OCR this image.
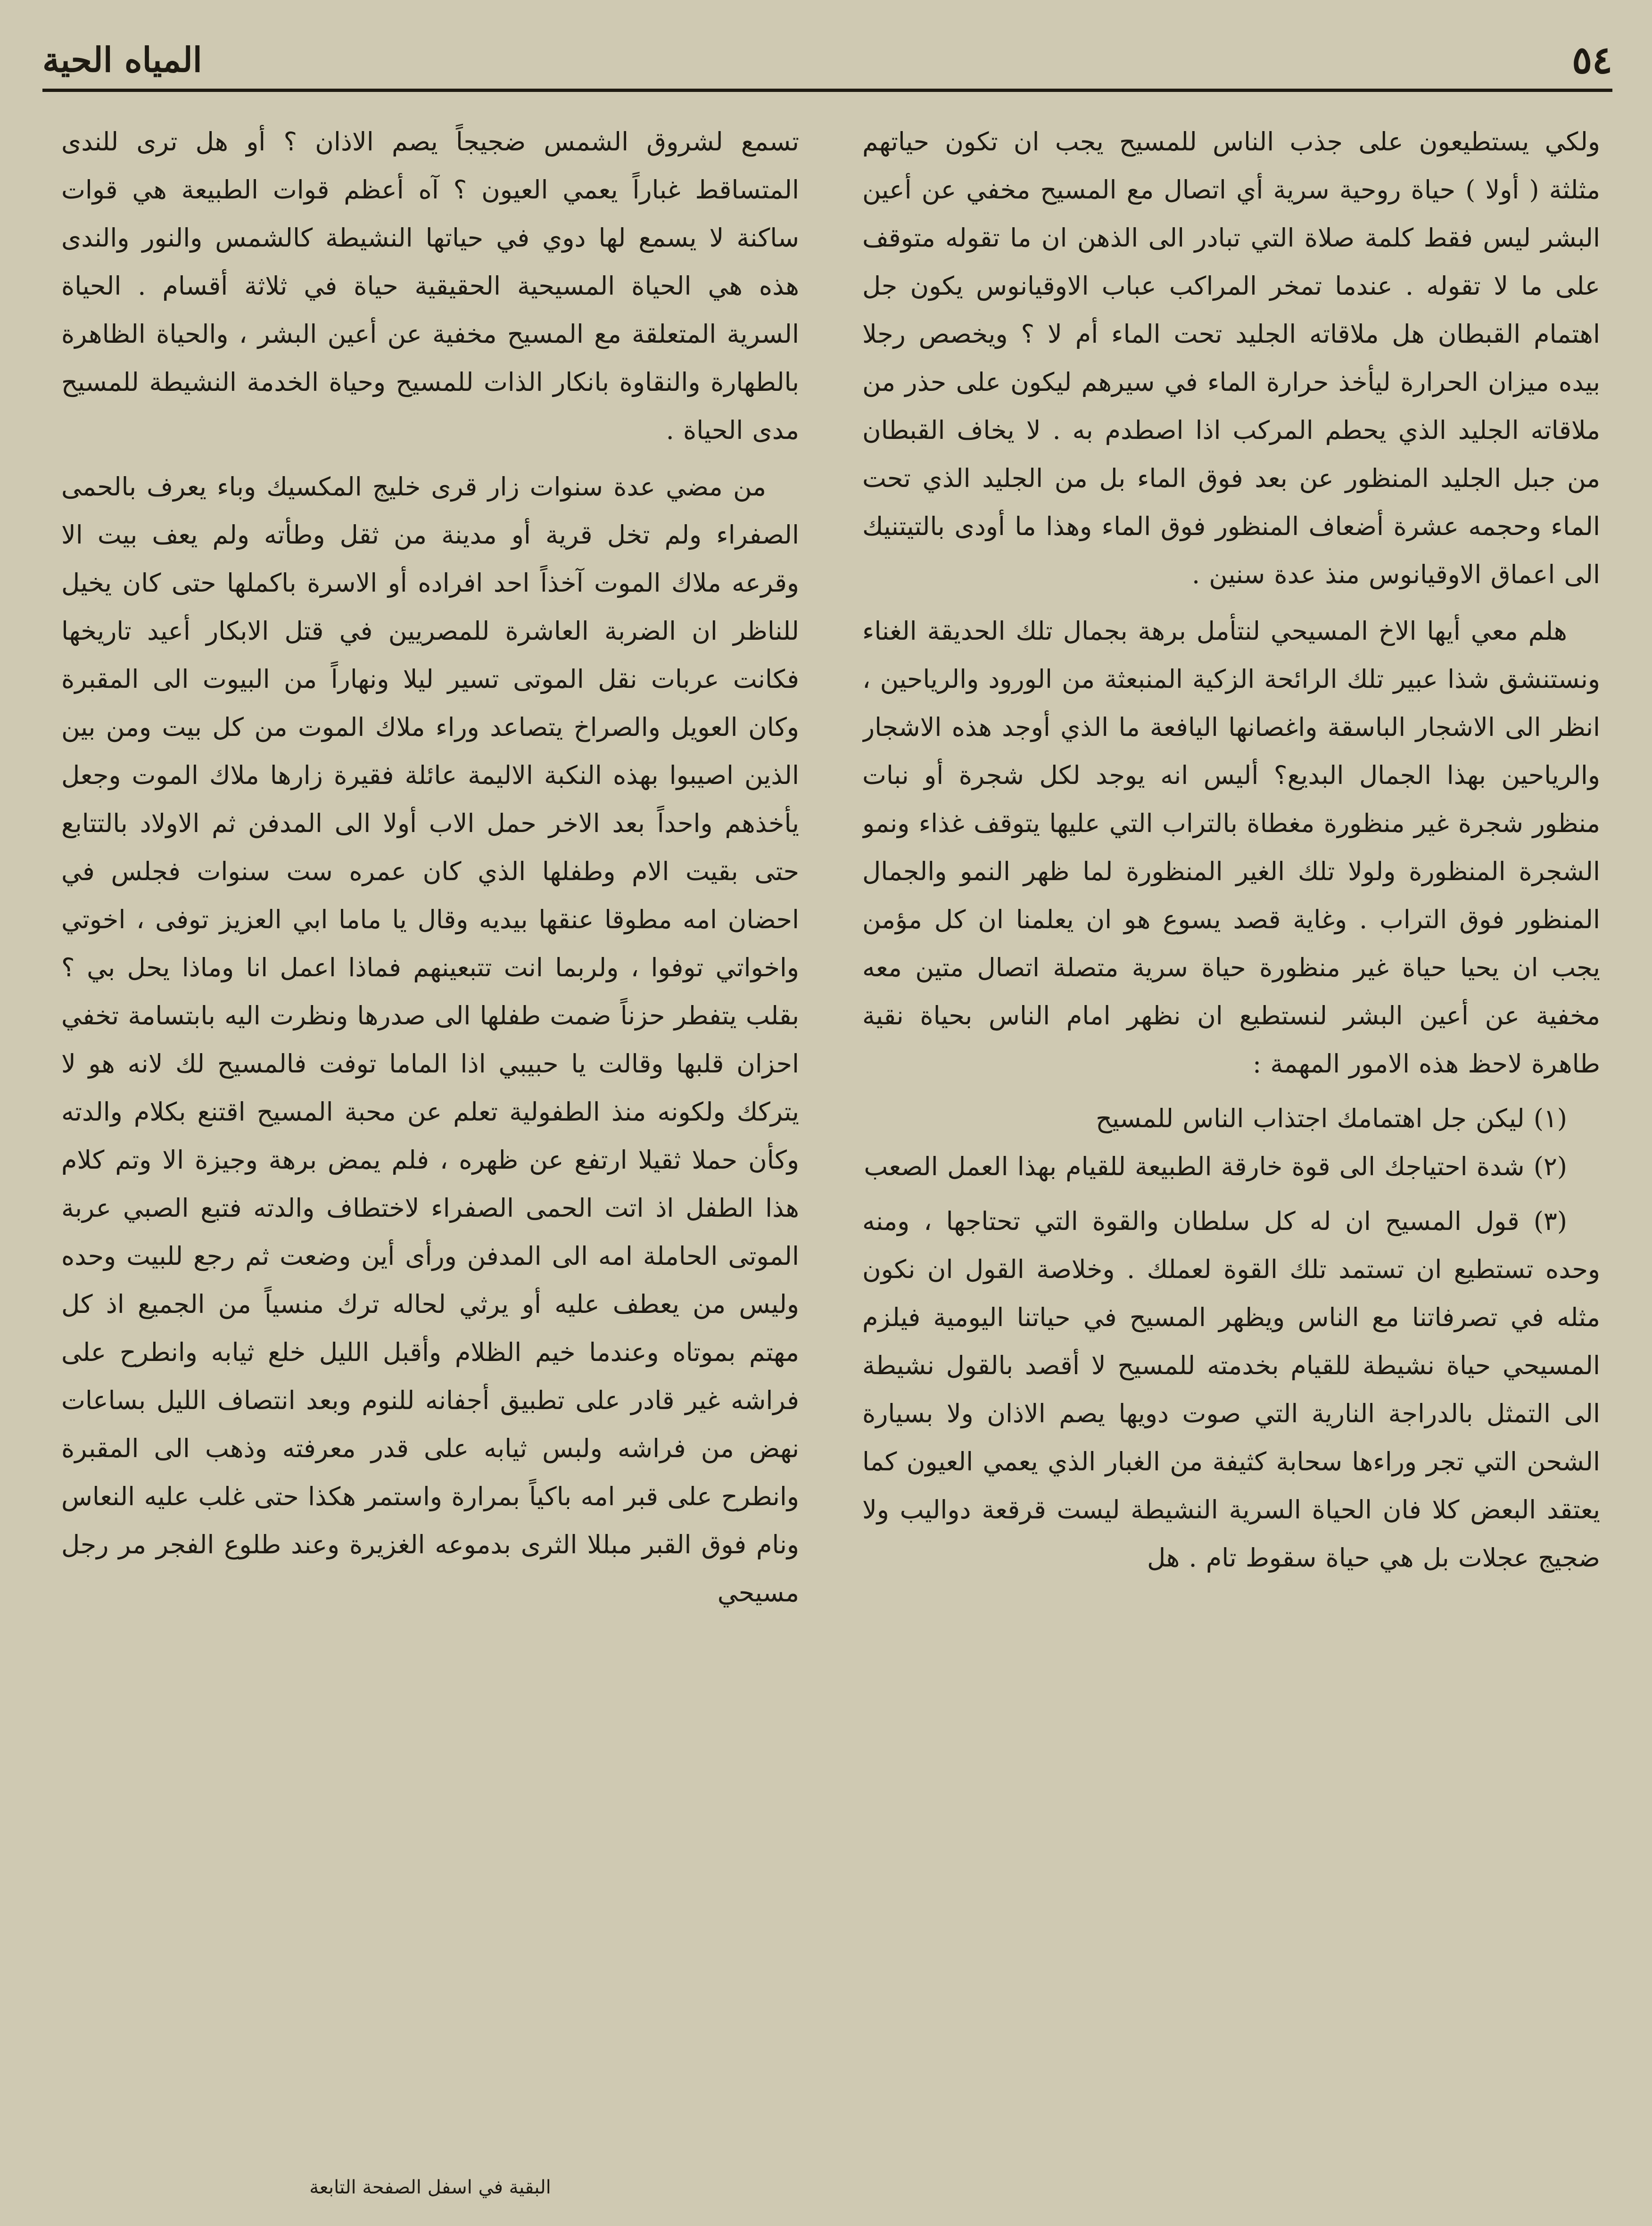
٥٤
المياه الحية

ولكي يستطيعون على جذب الناس للمسيح يجب ان تكون حياتهم مثلثة ( أولا ) حياة روحية سرية أي اتصال مع المسيح مخفي عن أعين البشر ليس فقط كلمة صلاة التي تبادر الى الذهن ان ما تقوله متوقف على ما لا تقوله . عندما تمخر المراكب عباب الاوقيانوس يكون جل اهتمام القبطان هل ملاقاته الجليد تحت الماء أم لا ؟ ويخصص رجلا بيده ميزان الحرارة ليأخذ حرارة الماء في سيرهم ليكون على حذر من ملاقاته الجليد الذي يحطم المركب اذا اصطدم به . لا يخاف القبطان من جبل الجليد المنظور عن بعد فوق الماء بل من الجليد الذي تحت الماء وحجمه عشرة أضعاف المنظور فوق الماء وهذا ما أودى بالتيتنيك الى اعماق الاوقيانوس منذ عدة سنين .

هلم معي أيها الاخ المسيحي لنتأمل برهة بجمال تلك الحديقة الغناء ونستنشق شذا عبير تلك الرائحة الزكية المنبعثة من الورود والرياحين ، انظر الى الاشجار الباسقة واغصانها اليافعة ما الذي أوجد هذه الاشجار والرياحين بهذا الجمال البديع؟ أليس انه يوجد لكل شجرة أو نبات منظور شجرة غير منظورة مغطاة بالتراب التي عليها يتوقف غذاء ونمو الشجرة المنظورة ولولا تلك الغير المنظورة لما ظهر النمو والجمال المنظور فوق التراب . وغاية قصد يسوع هو ان يعلمنا ان كل مؤمن يجب ان يحيا حياة غير منظورة حياة سرية متصلة اتصال متين معه مخفية عن أعين البشر لنستطيع ان نظهر امام الناس بحياة نقية طاهرة لاحظ هذه الامور المهمة :

(١) ليكن جل اهتمامك اجتذاب الناس للمسيح

(٢) شدة احتياجك الى قوة خارقة الطبيعة للقيام بهذا العمل الصعب

(٣) قول المسيح ان له كل سلطان والقوة التي تحتاجها ، ومنه وحده تستطيع ان تستمد تلك القوة لعملك . وخلاصة القول ان نكون مثله في تصرفاتنا مع الناس ويظهر المسيح في حياتنا اليومية فيلزم المسيحي حياة نشيطة للقيام بخدمته للمسيح لا أقصد بالقول نشيطة الى التمثل بالدراجة النارية التي صوت دويها يصم الاذان ولا بسيارة الشحن التي تجر وراءها سحابة كثيفة من الغبار الذي يعمي العيون كما يعتقد البعض كلا فان الحياة السرية النشيطة ليست قرقعة دواليب ولا ضجيج عجلات بل هي حياة سقوط تام . هل

تسمع لشروق الشمس ضجيجاً يصم الاذان ؟ أو هل ترى للندى المتساقط غباراً يعمي العيون ؟ آه أعظم قوات الطبيعة هي قوات ساكنة لا يسمع لها دوي في حياتها النشيطة كالشمس والنور والندى هذه هي الحياة المسيحية الحقيقية حياة في ثلاثة أقسام . الحياة السرية المتعلقة مع المسيح مخفية عن أعين البشر ، والحياة الظاهرة بالطهارة والنقاوة بانكار الذات للمسيح وحياة الخدمة النشيطة للمسيح مدى الحياة .

من مضي عدة سنوات زار قرى خليج المكسيك وباء يعرف بالحمى الصفراء ولم تخل قرية أو مدينة من ثقل وطأته ولم يعف بيت الا وقرعه ملاك الموت آخذاً احد افراده أو الاسرة باكملها حتى كان يخيل للناظر ان الضربة العاشرة للمصريين في قتل الابكار أعيد تاريخها فكانت عربات نقل الموتى تسير ليلا ونهاراً من البيوت الى المقبرة وكان العويل والصراخ يتصاعد وراء ملاك الموت من كل بيت ومن بين الذين اصيبوا بهذه النكبة الاليمة عائلة فقيرة زارها ملاك الموت وجعل يأخذهم واحداً بعد الاخر حمل الاب أولا الى المدفن ثم الاولاد بالتتابع حتى بقيت الام وطفلها الذي كان عمره ست سنوات فجلس في احضان امه مطوقا عنقها بيديه وقال يا ماما ابي العزيز توفى ، اخوتي واخواتي توفوا ، ولربما انت تتبعينهم فماذا اعمل انا وماذا يحل بي ؟ بقلب يتفطر حزناً ضمت طفلها الى صدرها ونظرت اليه بابتسامة تخفي احزان قلبها وقالت يا حبيبي اذا الماما توفت فالمسيح لك لانه هو لا يتركك ولكونه منذ الطفولية تعلم عن محبة المسيح اقتنع بكلام والدته وكأن حملا ثقيلا ارتفع عن ظهره ، فلم يمض برهة وجيزة الا وتم كلام هذا الطفل اذ اتت الحمى الصفراء لاختطاف والدته فتبع الصبي عربة الموتى الحاملة امه الى المدفن ورأى أين وضعت ثم رجع للبيت وحده وليس من يعطف عليه أو يرثي لحاله ترك منسياً من الجميع اذ كل مهتم بموتاه وعندما خيم الظلام وأقبل الليل خلع ثيابه وانطرح على فراشه غير قادر على تطبيق أجفانه للنوم وبعد انتصاف الليل بساعات نهض من فراشه ولبس ثيابه على قدر معرفته وذهب الى المقبرة وانطرح على قبر امه باكياً بمرارة واستمر هكذا حتى غلب عليه النعاس ونام فوق القبر مبللا الثرى بدموعه الغزيرة وعند طلوع الفجر مر رجل مسيحي

البقية في اسفل الصفحة التابعة
